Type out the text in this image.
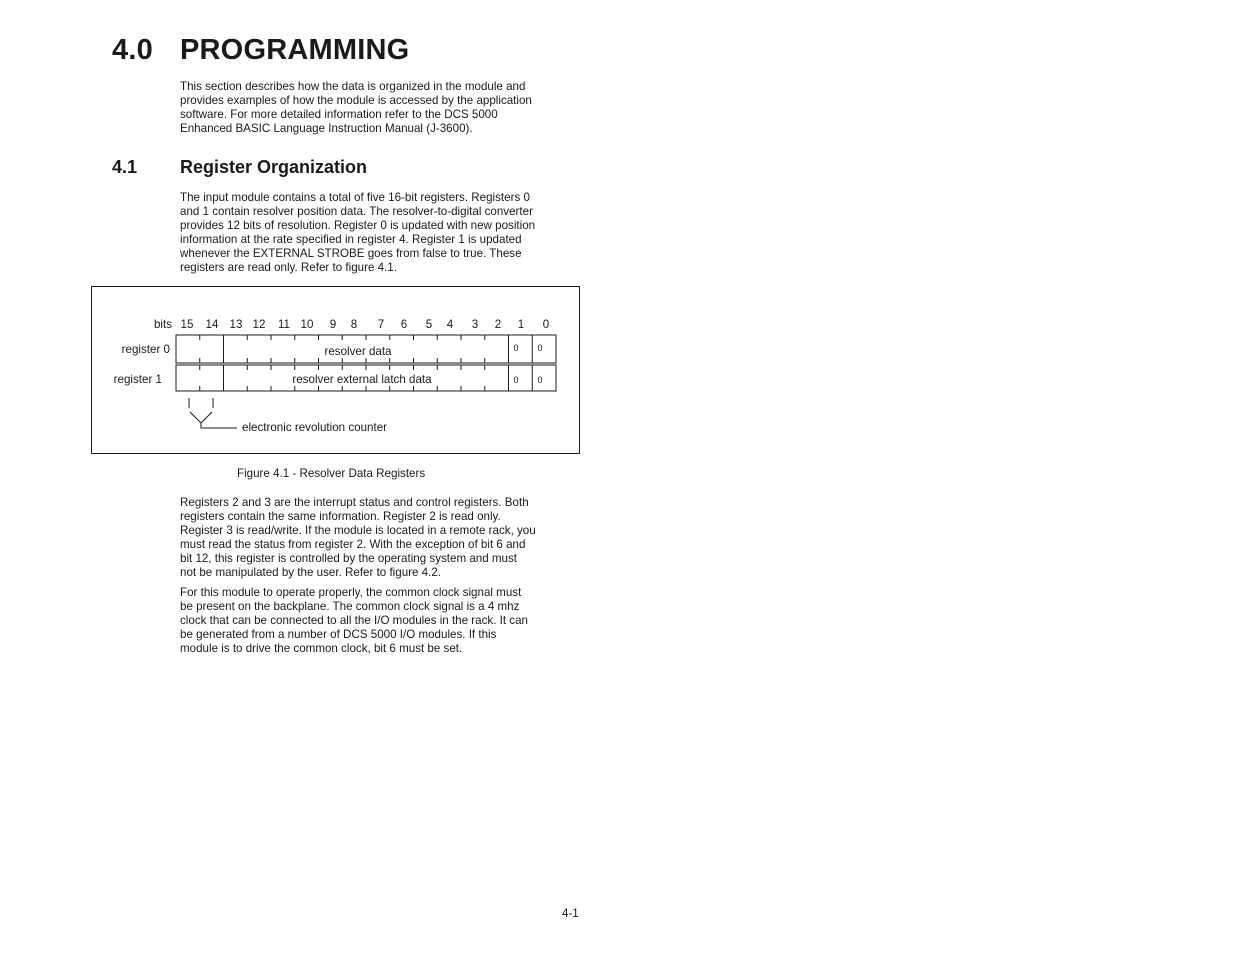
4.0 PROGRAMMING
This section describes how the data is organized in the module and
provides examples of how the module is accessed by the application
software. For more detailed information refer to the DCS 5000
Enhanced BASIC Language Instruction Manual (J-3600).
4.1 Register Organization
The input module contains a total of five 16-bit registers. Registers 0
and 1 contain resolver position data. The resolver-to-digital converter
provides 12 bits of resolution. Register 0 is updated with new position
information at the rate specified in register 4. Register 1 is updated
whenever the EXTERNAL STROBE goes from false to true. These
registers are read only. Refer to figure 4.1.
15 14 13 12 11 10 9 8 7 6 5 4 3 2 1 0
bits
register 0
register 1
resolver data
resolver external latch data
0 0
0 0
electronic revolution counter
Figure 4.1 - Resolver Data Registers
Registers 2 and 3 are the interrupt status and control registers. Both
registers contain the same information. Register 2 is read only.
Register 3 is read/write. If the module is located in a remote rack, you
must read the status from register 2. With the exception of bit 6 and
bit 12, this register is controlled by the operating system and must
not be manipulated by the user. Refer to figure 4.2.
For this module to operate properly, the common clock signal must
be present on the backplane. The common clock signal is a 4 mhz
clock that can be connected to all the I/O modules in the rack. It can
be generated from a number of DCS 5000 I/O modules. If this
module is to drive the common clock, bit 6 must be set.
4-1
